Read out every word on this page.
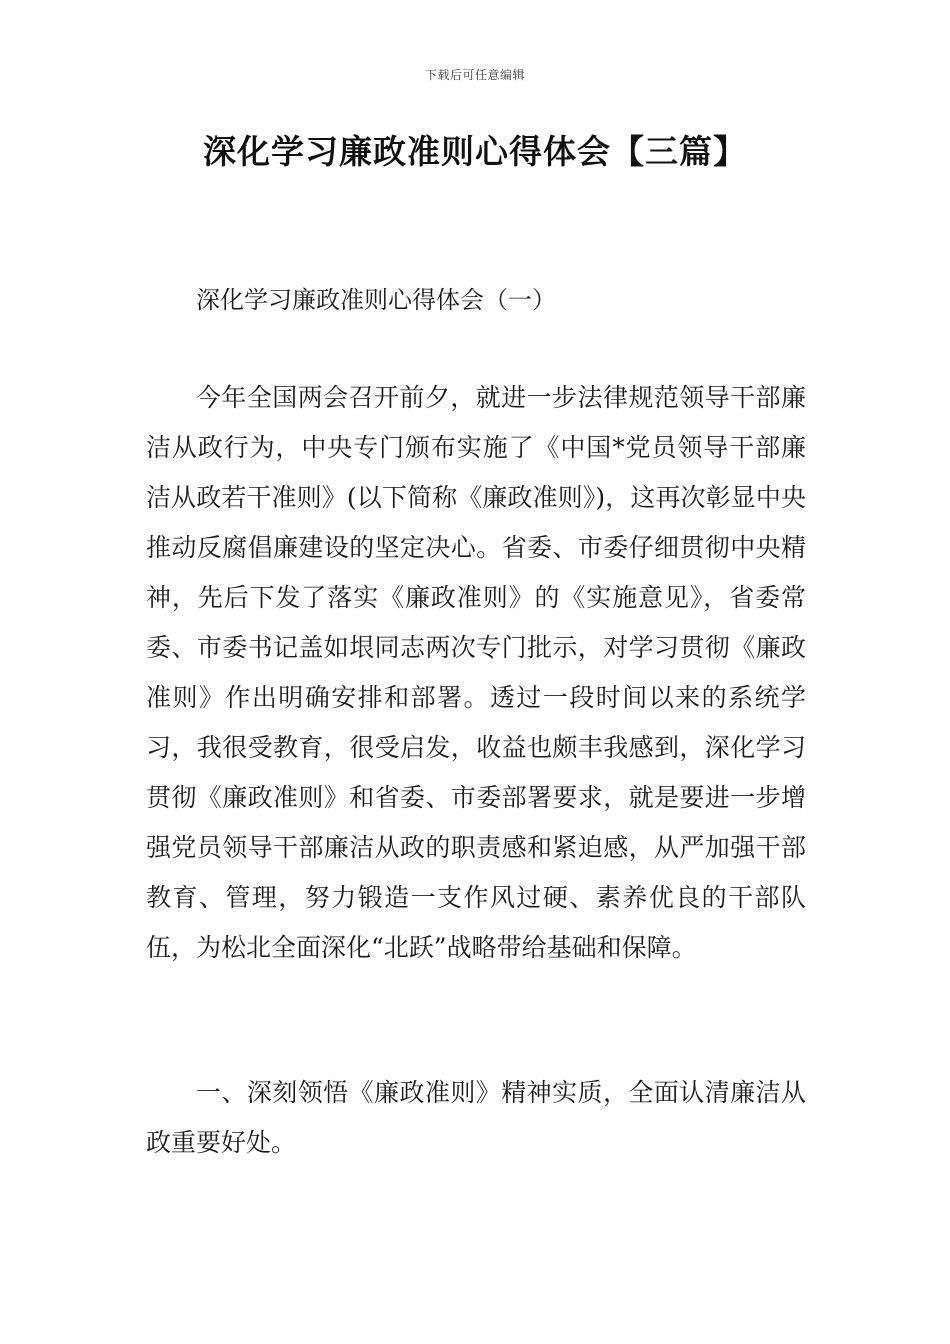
下载后可任意编辑
深化学习廉政准则心得体会【三篇】
深化学习廉政准则心得体会（一）

今年全国两会召开前夕，就进一步法律规范领导干部廉洁从政行为，中央专门颁布实施了《中国*党员领导干部廉洁从政若干准则》(以下简称《廉政准则》)，这再次彰显中央推动反腐倡廉建设的坚定决心。省委、市委仔细贯彻中央精神，先后下发了落实《廉政准则》的《实施意见》，省委常委、市委书记盖如垠同志两次专门批示，对学习贯彻《廉政准则》作出明确安排和部署。透过一段时间以来的系统学习，我很受教育，很受启发，收益也颇丰我感到，深化学习贯彻《廉政准则》和省委、市委部署要求，就是要进一步增强党员领导干部廉洁从政的职责感和紧迫感，从严加强干部教育、管理，努力锻造一支作风过硬、素养优良的干部队伍，为松北全面深化“北跃”战略带给基础和保障。

一、深刻领悟《廉政准则》精神实质，全面认清廉洁从政重要好处。
